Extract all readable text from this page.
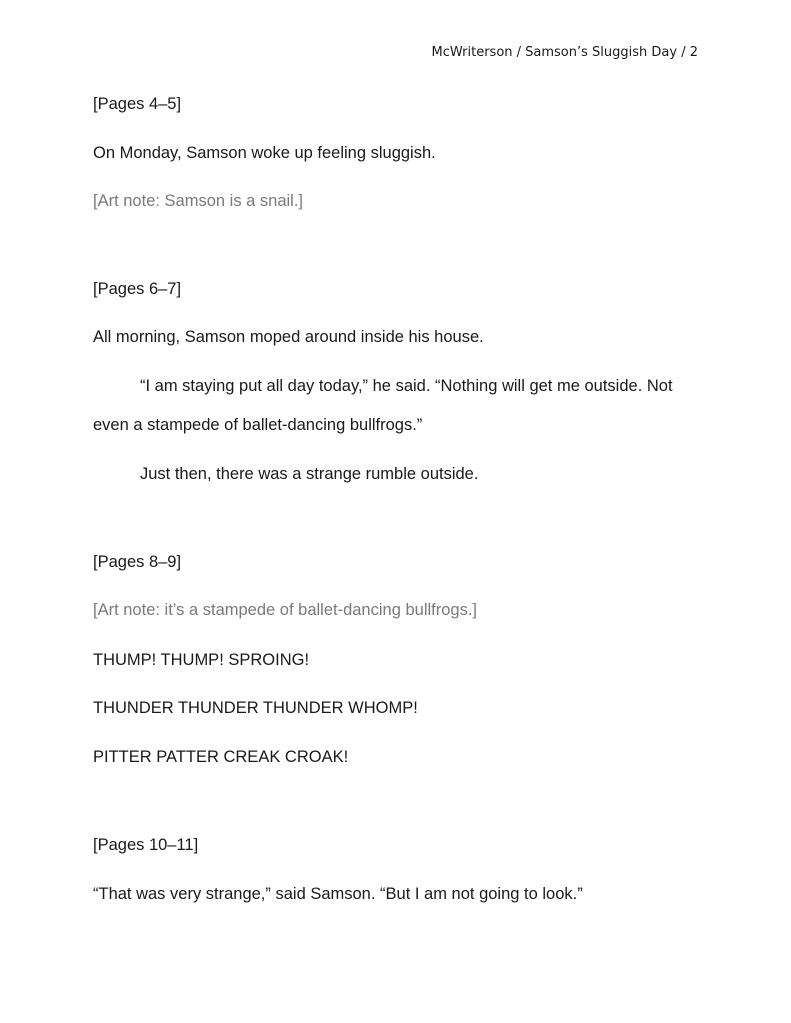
McWriterson / Samson’s Sluggish Day / 2
[Pages 4–5]
On Monday, Samson woke up feeling sluggish.
[Art note: Samson is a snail.]
[Pages 6–7]
All morning, Samson moped around inside his house.
“I am staying put all day today,” he said. “Nothing will get me outside. Not
even a stampede of ballet-dancing bullfrogs.”
Just then, there was a strange rumble outside.
[Pages 8–9]
[Art note: it’s a stampede of ballet-dancing bullfrogs.]
THUMP! THUMP! SPROING!
THUNDER THUNDER THUNDER WHOMP!
PITTER PATTER CREAK CROAK!
[Pages 10–11]
“That was very strange,” said Samson. “But I am not going to look.”
